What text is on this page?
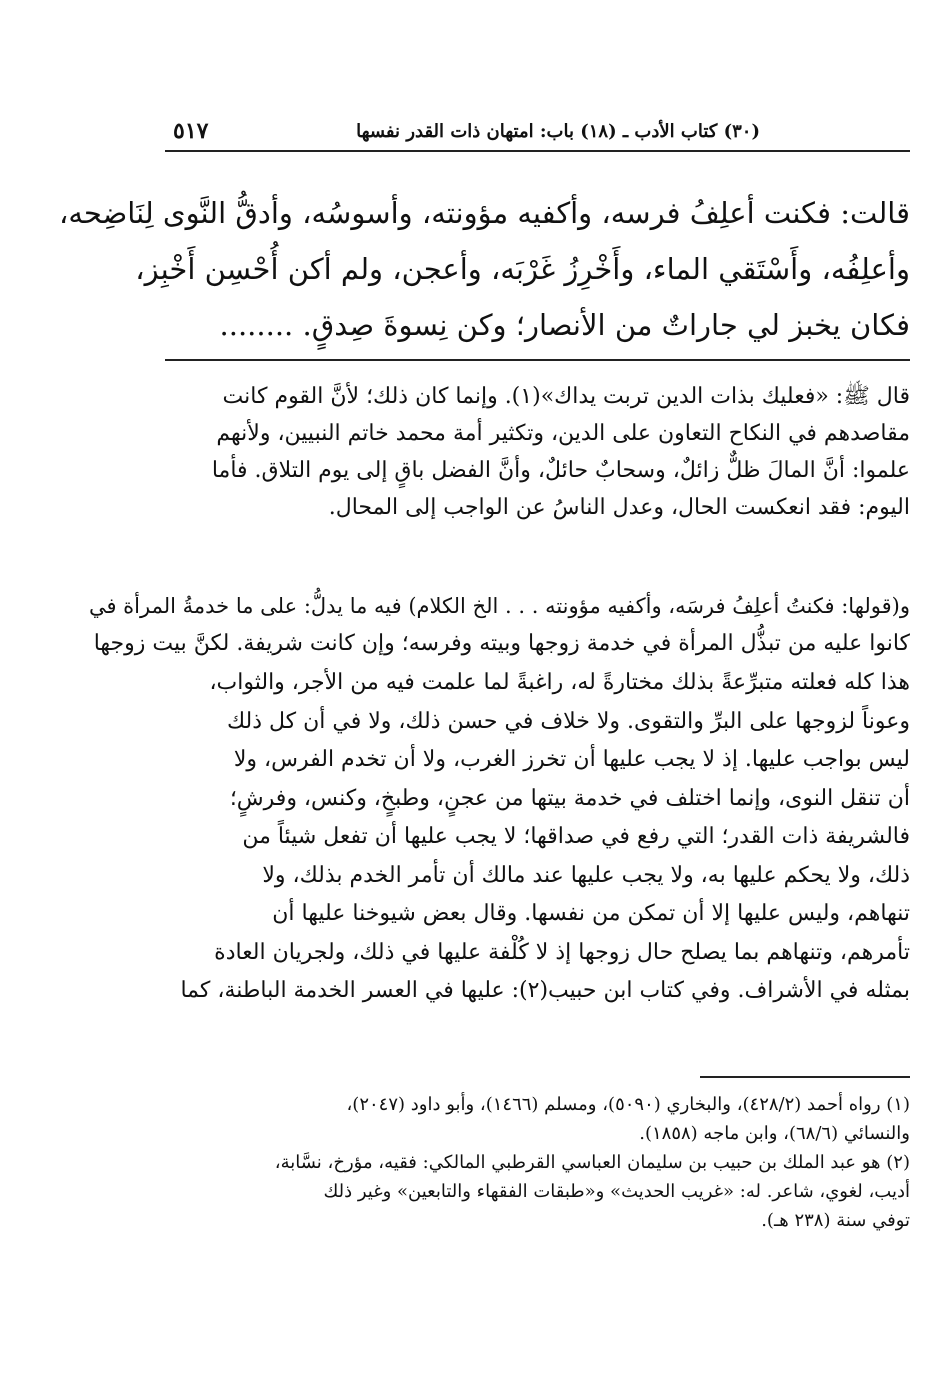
٥١٧	(٣٠) كتاب الأدب ـ (١٨) باب: امتهان ذات القدر نفسها
قالت: فكنت أعلِفُ فرسه، وأكفيه مؤونته، وأسوسُه، وأدقُّ النَّوى لِنَاضِحه،
وأعلِفُه، وأَسْتَقي الماء، وأَخْرِزُ غَرْبَه، وأعجن، ولم أكن أُحْسِن أَخْبِز،
فكان يخبز لي جاراتٌ من الأنصار؛ وكن نِسوةَ صِدقٍ. ........
قال ﷺ: «فعليك بذات الدين تربت يداك»(١). وإنما كان ذلك؛ لأنَّ القوم كانت
مقاصدهم في النكاح التعاون على الدين، وتكثير أمة محمد خاتم النبيين، ولأنهم
علموا: أنَّ المالَ ظلٌّ زائلٌ، وسحابٌ حائلٌ، وأنَّ الفضل باقٍ إلى يوم التلاق. فأما
اليوم: فقد انعكست الحال، وعدل الناسُ عن الواجب إلى المحال.
و(قولها: فكنتُ أعلِفُ فرسَه، وأكفيه مؤونته . . . الخ الكلام) فيه ما يدلُّ: على ما خدمةُ المرأة في
كانوا عليه من تبذُّل المرأة في خدمة زوجها وبيته وفرسه؛ وإن كانت شريفة. لكنَّ بيت زوجها
هذا كله فعلته متبرِّعةً بذلك مختارةً له، راغبةً لما علمت فيه من الأجر، والثواب،
وعوناً لزوجها على البرِّ والتقوى. ولا خلاف في حسن ذلك، ولا في أن كل ذلك
ليس بواجب عليها. إذ لا يجب عليها أن تخرز الغرب، ولا أن تخدم الفرس، ولا
أن تنقل النوى، وإنما اختلف في خدمة بيتها من عجنٍ، وطبخٍ، وكنس، وفرشٍ؛
فالشريفة ذات القدر؛ التي رفع في صداقها؛ لا يجب عليها أن تفعل شيئاً من
ذلك، ولا يحكم عليها به، ولا يجب عليها عند مالك أن تأمر الخدم بذلك، ولا
تنهاهم، وليس عليها إلا أن تمكن من نفسها. وقال بعض شيوخنا عليها أن
تأمرهم، وتنهاهم بما يصلح حال زوجها إذ لا كُلْفة عليها في ذلك، ولجريان العادة
بمثله في الأشراف. وفي كتاب ابن حبيب(٢): عليها في العسر الخدمة الباطنة، كما
(١) رواه أحمد (٤٢٨/٢)، والبخاري (٥٠٩٠)، ومسلم (١٤٦٦)، وأبو داود (٢٠٤٧)،
والنسائي (٦٨/٦)، وابن ماجه (١٨٥٨).
(٢) هو عبد الملك بن حبيب بن سليمان العباسي القرطبي المالكي: فقيه، مؤرخ، نسَّابة،
أديب، لغوي، شاعر. له: «غريب الحديث» و«طبقات الفقهاء والتابعين» وغير ذلك
توفي سنة (٢٣٨ هـ).
